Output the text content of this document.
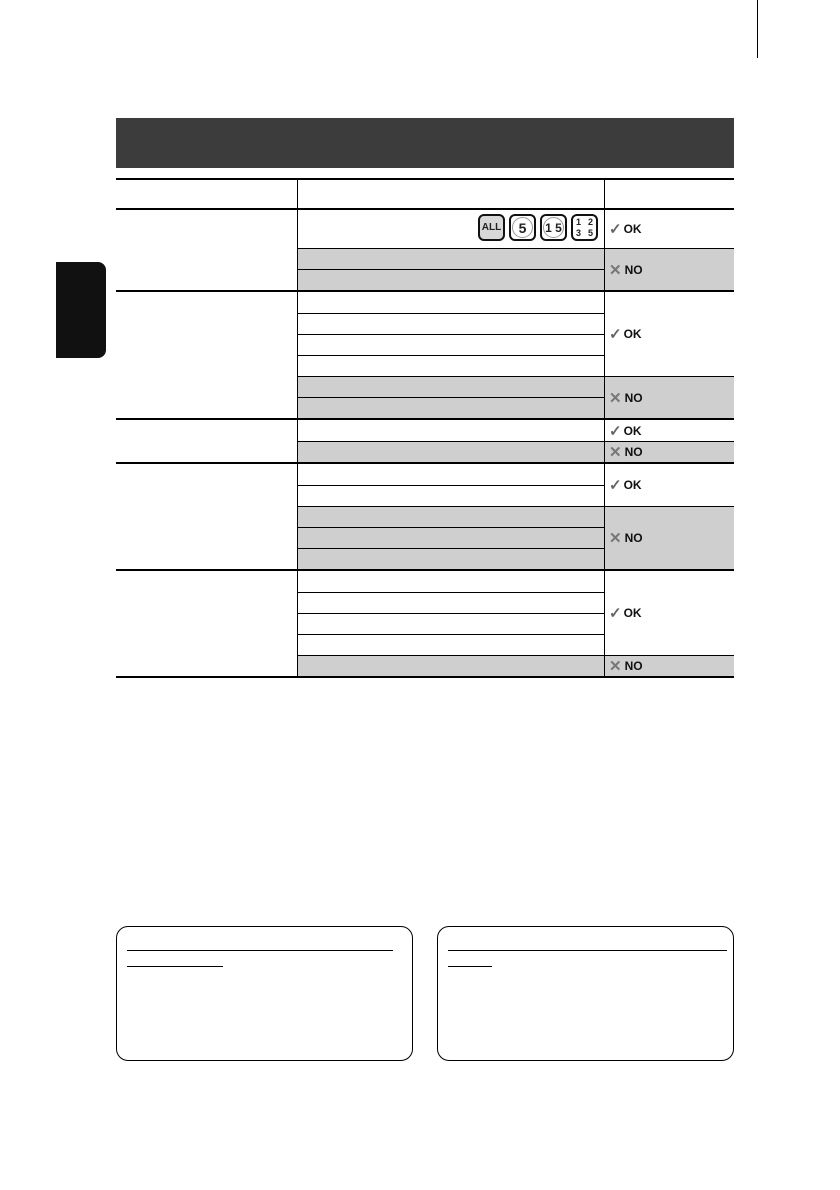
ALL 5 1 5 1 2
3 5 ✓ OK
✕ NO
✓ OK
✕ NO
✓ OK
✕ NO
✓ OK
✕ NO
✓ OK
✕ NO
